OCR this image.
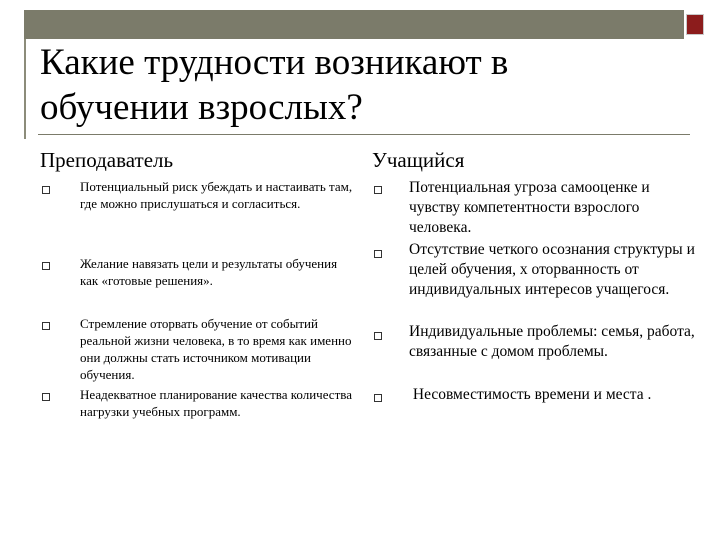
Какие трудности возникают в обучении взрослых?
Преподаватель	Учащийся
Потенциальный риск убеждать и настаивать там, где можно прислушаться и согласиться.
Желание навязать цели и результаты обучения как «готовые решения».
Стремление оторвать обучение от событий реальной жизни человека, в то время как именно они должны стать источником мотивации обучения.
Неадекватное планирование качества количества нагрузки учебных программ.
Потенциальная угроза самооценке и чувству компетентности взрослого человека.
Отсутствие четкого осознания структуры и целей обучения, х оторванность от индивидуальных интересов учащегося.
Индивидуальные проблемы: семья, работа, связанные с домом проблемы.
Несовместимость времени и места .
